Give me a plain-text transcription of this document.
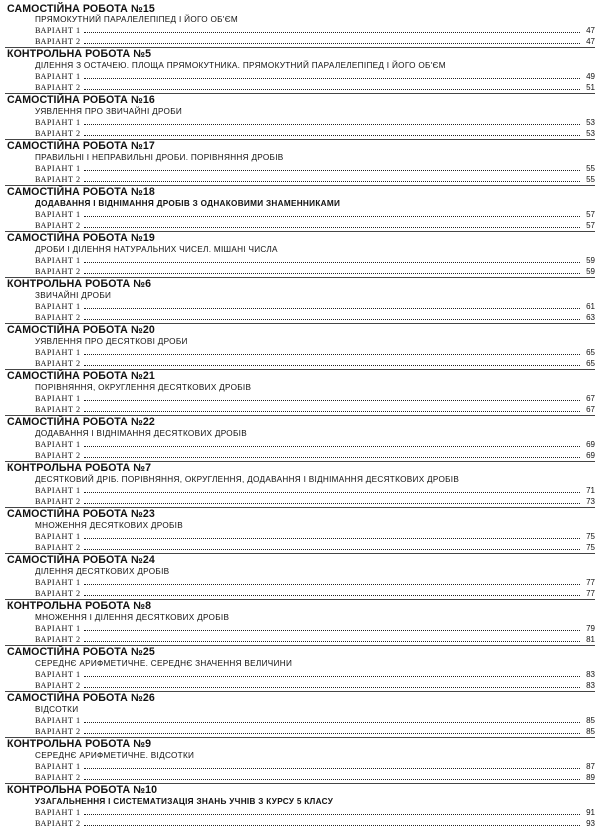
САМОСТІЙНА РОБОТА №15
ПРЯМОКУТНИЙ ПАРАЛЕЛЕПІПЕД І ЙОГО ОБ'ЄМ
ВАРІАНТ 1	47
ВАРІАНТ 2	47
КОНТРОЛЬНА РОБОТА №5
ДІЛЕННЯ З ОСТАЧЕЮ. ПЛОЩА ПРЯМОКУТНИКА. ПРЯМОКУТНИЙ ПАРАЛЕЛЕПІПЕД І ЙОГО ОБ'ЄМ
ВАРІАНТ 1	49
ВАРІАНТ 2	51
САМОСТІЙНА РОБОТА №16
УЯВЛЕННЯ ПРО ЗВИЧАЙНІ ДРОБИ
ВАРІАНТ 1	53
ВАРІАНТ 2	53
САМОСТІЙНА РОБОТА №17
ПРАВИЛЬНІ І НЕПРАВИЛЬНІ ДРОБИ. ПОРІВНЯННЯ ДРОБІВ
ВАРІАНТ 1	55
ВАРІАНТ 2	55
САМОСТІЙНА РОБОТА №18
ДОДАВАННЯ І ВІДНІМАННЯ ДРОБІВ З ОДНАКОВИМИ ЗНАМЕННИКАМИ
ВАРІАНТ 1	57
ВАРІАНТ 2	57
САМОСТІЙНА РОБОТА №19
ДРОБИ І ДІЛЕННЯ НАТУРАЛЬНИХ ЧИСЕЛ. МІШАНІ ЧИСЛА
ВАРІАНТ 1	59
ВАРІАНТ 2	59
КОНТРОЛЬНА РОБОТА №6
ЗВИЧАЙНІ ДРОБИ
ВАРІАНТ 1	61
ВАРІАНТ 2	63
САМОСТІЙНА РОБОТА №20
УЯВЛЕННЯ ПРО ДЕСЯТКОВІ ДРОБИ
ВАРІАНТ 1	65
ВАРІАНТ 2	65
САМОСТІЙНА РОБОТА №21
ПОРІВНЯННЯ, ОКРУГЛЕННЯ ДЕСЯТКОВИХ ДРОБІВ
ВАРІАНТ 1	67
ВАРІАНТ 2	67
САМОСТІЙНА РОБОТА №22
ДОДАВАННЯ І ВІДНІМАННЯ ДЕСЯТКОВИХ ДРОБІВ
ВАРІАНТ 1	69
ВАРІАНТ 2	69
КОНТРОЛЬНА РОБОТА №7
ДЕСЯТКОВИЙ ДРІБ. ПОРІВНЯННЯ, ОКРУГЛЕННЯ, ДОДАВАННЯ І ВІДНІМАННЯ ДЕСЯТКОВИХ ДРОБІВ
ВАРІАНТ 1	71
ВАРІАНТ 2	73
САМОСТІЙНА РОБОТА №23
МНОЖЕННЯ ДЕСЯТКОВИХ ДРОБІВ
ВАРІАНТ 1	75
ВАРІАНТ 2	75
САМОСТІЙНА РОБОТА №24
ДІЛЕННЯ ДЕСЯТКОВИХ ДРОБІВ
ВАРІАНТ 1	77
ВАРІАНТ 2	77
КОНТРОЛЬНА РОБОТА №8
МНОЖЕННЯ І ДІЛЕННЯ ДЕСЯТКОВИХ ДРОБІВ
ВАРІАНТ 1	79
ВАРІАНТ 2	81
САМОСТІЙНА РОБОТА №25
СЕРЕДНЄ АРИФМЕТИЧНЕ. СЕРЕДНЄ ЗНАЧЕННЯ ВЕЛИЧИНИ
ВАРІАНТ 1	83
ВАРІАНТ 2	83
САМОСТІЙНА РОБОТА №26
ВІДСОТКИ
ВАРІАНТ 1	85
ВАРІАНТ 2	85
КОНТРОЛЬНА РОБОТА №9
СЕРЕДНЄ АРИФМЕТИЧНЕ. ВІДСОТКИ
ВАРІАНТ 1	87
ВАРІАНТ 2	89
КОНТРОЛЬНА РОБОТА №10
УЗАГАЛЬНЕННЯ І СИСТЕМАТИЗАЦІЯ ЗНАНЬ УЧНІВ З КУРСУ 5 КЛАСУ
ВАРІАНТ 1	91
ВАРІАНТ 2	93
